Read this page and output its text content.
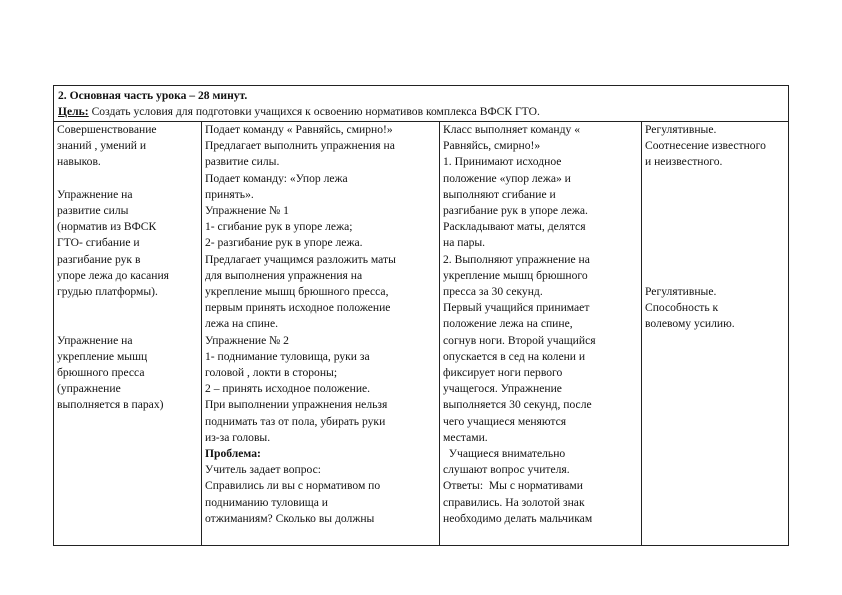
2. Основная часть урока – 28 минут.
Цель: Создать условия для подготовки учащихся к освоению нормативов комплекса ВФСК ГТО.
Совершенствование
знаний , умений и
навыков.
Упражнение на
развитие силы
(норматив из ВФСК
ГТО- сгибание и
разгибание рук в
упоре лежа до касания
грудью платформы).
Упражнение на
укрепление мышц
брюшного пресса
(упражнение
выполняется в парах)
Подает команду « Равняйсь, смирно!»
Предлагает выполнить упражнения на
развитие силы.
Подает команду: «Упор лежа
принять».
Упражнение № 1
1- сгибание рук в упоре лежа;
2- разгибание рук в упоре лежа.
Предлагает учащимся разложить маты
для выполнения упражнения на
укрепление мышц брюшного пресса,
первым принять исходное положение
лежа на спине.
Упражнение № 2
1- поднимание туловища, руки за
головой , локти в стороны;
2 – принять исходное положение.
При выполнении упражнения нельзя
поднимать таз от пола, убирать руки
из-за головы.
Проблема:
Учитель задает вопрос:
Справились ли вы с нормативом по
подниманию туловища и
отжиманиям? Сколько вы должны
Класс выполняет команду «
Равняйсь, смирно!»
1. Принимают исходное
положение «упор лежа» и
выполняют сгибание и
разгибание рук в упоре лежа.
Раскладывают маты, делятся
на пары.
2. Выполняют упражнение на
укрепление мышц брюшного
пресса за 30 секунд.
Первый учащийся принимает
положение лежа на спине,
согнув ноги. Второй учащийся
опускается в сед на колени и
фиксирует ноги первого
учащегося. Упражнение
выполняется 30 секунд, после
чего учащиеся меняются
местами.
Учащиеся внимательно
слушают вопрос учителя.
Ответы:  Мы с нормативами
справились. На золотой знак
необходимо делать мальчикам
Регулятивные.
Соотнесение известного
и неизвестного.
Регулятивные.
Способность к
волевому усилию.
